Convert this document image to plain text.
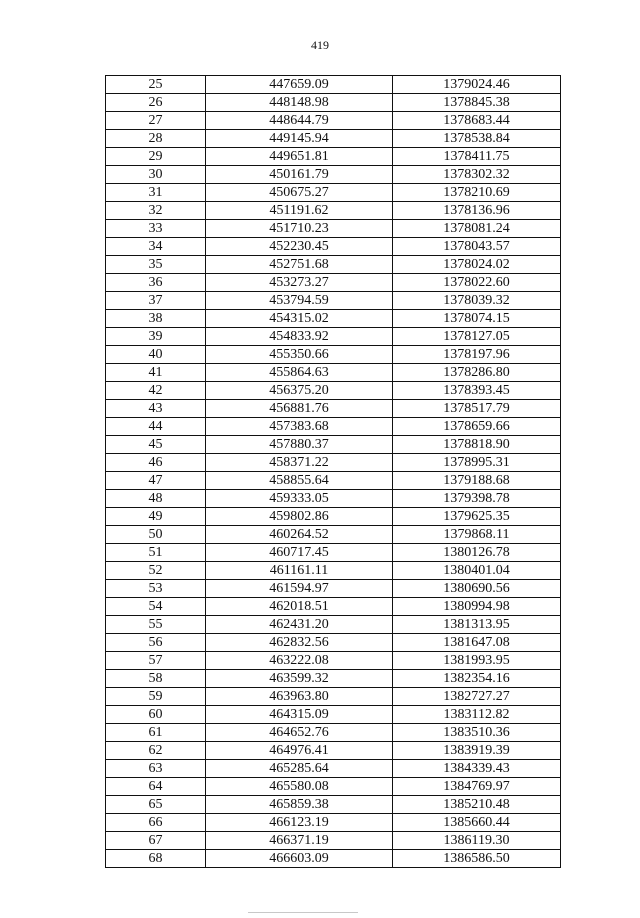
419
25	447659.09	1379024.46
26	448148.98	1378845.38
27	448644.79	1378683.44
28	449145.94	1378538.84
29	449651.81	1378411.75
30	450161.79	1378302.32
31	450675.27	1378210.69
32	451191.62	1378136.96
33	451710.23	1378081.24
34	452230.45	1378043.57
35	452751.68	1378024.02
36	453273.27	1378022.60
37	453794.59	1378039.32
38	454315.02	1378074.15
39	454833.92	1378127.05
40	455350.66	1378197.96
41	455864.63	1378286.80
42	456375.20	1378393.45
43	456881.76	1378517.79
44	457383.68	1378659.66
45	457880.37	1378818.90
46	458371.22	1378995.31
47	458855.64	1379188.68
48	459333.05	1379398.78
49	459802.86	1379625.35
50	460264.52	1379868.11
51	460717.45	1380126.78
52	461161.11	1380401.04
53	461594.97	1380690.56
54	462018.51	1380994.98
55	462431.20	1381313.95
56	462832.56	1381647.08
57	463222.08	1381993.95
58	463599.32	1382354.16
59	463963.80	1382727.27
60	464315.09	1383112.82
61	464652.76	1383510.36
62	464976.41	1383919.39
63	465285.64	1384339.43
64	465580.08	1384769.97
65	465859.38	1385210.48
66	466123.19	1385660.44
67	466371.19	1386119.30
68	466603.09	1386586.50
